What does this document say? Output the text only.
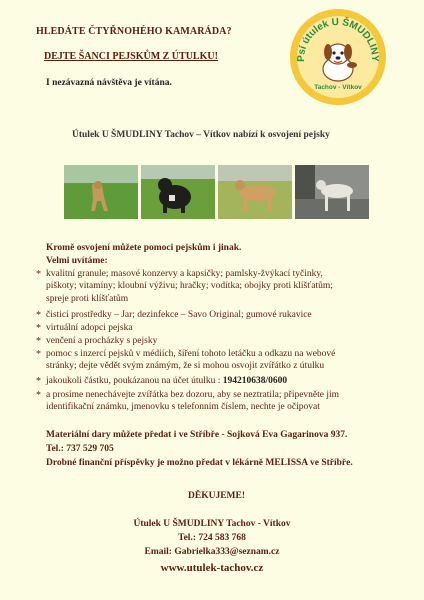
HLEDÁTE ČTYŘNOHÉHO KAMARÁDA?
DEJTE ŠANCI PEJSKŮM Z ÚTULKU!
I nezávazná návštěva je vítána.
Psí útulek U ŠMUDLINY
Tachov - Vítkov
Útulek U ŠMUDLINY Tachov – Vítkov nabízí k osvojení pejsky
Kromě osvojení můžete pomoci pejskům i jinak.
Velmi uvítáme:
* kvalitní granule; masové konzervy a kapsičky; pamlsky-žvýkací tyčinky,
piškoty; vitamíny; kloubní výživu; hračky; vodítka; obojky proti klíšťatům;
spreje proti klíšťatům
* čisticí prostředky – Jar; dezinfekce – Savo Original; gumové rukavice
* virtuální adopci pejska
* venčení a procházky s pejsky
* pomoc s inzercí pejsků v médiích, šíření tohoto letáčku a odkazu na webové
stránky; dejte vědět svým známým, že si mohou osvojit zvířátko z útulku
* jakoukoli částku, poukázanou na účet útulku : 194210638/0600
* a prosíme nenechávejte zvířátka bez dozoru, aby se neztratila; připevněte jim
identifikační známku, jmenovku s telefonním číslem, nechte je očipovat
Materiální dary můžete předat i ve Stříbře - Sojková Eva Gagarinova 937.
Tel.: 737 529 705
Drobné finanční příspěvky je možno předat v lékárně MELISSA ve Stříbře.
DĚKUJEME!
Útulek U ŠMUDLINY Tachov - Vítkov
Tel.: 724 583 768
Email: Gabrielka333@seznam.cz
www.utulek-tachov.cz
